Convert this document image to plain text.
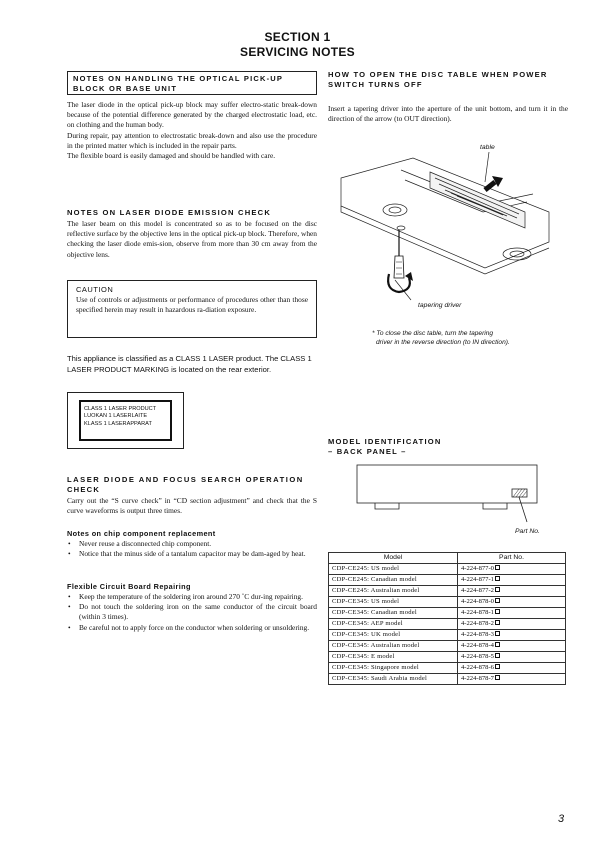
SECTION 1
SERVICING NOTES
NOTES ON HANDLING THE OPTICAL PICK-UP
BLOCK OR BASE UNIT

The laser diode in the optical pick-up block may suffer electro-static break-down because of the potential difference generated by the charged electrostatic load, etc. on clothing and the human body.

During repair, pay attention to electrostatic break-down and also use the procedure in the printed matter which is included in the repair parts.

The flexible board is easily damaged and should be handled with care.

NOTES ON LASER DIODE EMISSION CHECK

The laser beam on this model is concentrated so as to be focused on the disc reflective surface by the objective lens in the optical pick-up block. Therefore, when checking the laser diode emis-sion, observe from more than 30 cm away from the objective lens.

CAUTION

Use of controls or adjustments or performance of procedures other than those specified herein may result in hazardous ra-diation exposure.

This appliance is classified as a CLASS 1 LASER product. The CLASS 1 LASER PRODUCT MARKING is located on the rear exterior.

CLASS 1 LASER PRODUCT
LUOKAN 1 LASERLAITE
KLASS 1 LASERAPPARAT
LASER DIODE AND FOCUS SEARCH OPERATION
CHECK

Carry out the “S curve check” in “CD section adjustment” and check that the S curve waveforms is output three times.

Notes on chip component replacement
• Never reuse a disconnected chip component.
• Notice that the minus side of a tantalum capacitor may be dam-aged by heat.
Flexible Circuit Board Repairing
• Keep the temperature of the soldering iron around 270 ˚C dur-ing repairing.
• Do not touch the soldering iron on the same conductor of the circuit board (within 3 times).
• Be careful not to apply force on the conductor when soldering or unsoldering.
HOW TO OPEN THE DISC TABLE WHEN POWER
SWITCH TURNS OFF

Insert a tapering driver into the aperture of the unit bottom, and turn it in the direction of the arrow (to OUT direction).

table
tapering driver
* To close the disc table, turn the tapering
driver in the reverse direction (to IN direction).
MODEL IDENTIFICATION
– BACK PANEL –
Part No.
Model	Part No.
CDP-CE245: US model	4-224-877-0
CDP-CE245: Canadian model	4-224-877-1
CDP-CE245: Australian model	4-224-877-2
CDP-CE345: US model	4-224-878-0
CDP-CE345: Canadian model	4-224-878-1
CDP-CE345: AEP model	4-224-878-2
CDP-CE345: UK model	4-224-878-3
CDP-CE345: Australian model	4-224-878-4
CDP-CE345: E model	4-224-878-5
CDP-CE345: Singapore model	4-224-878-6
CDP-CE345: Saudi Arabia model	4-224-878-7
3
